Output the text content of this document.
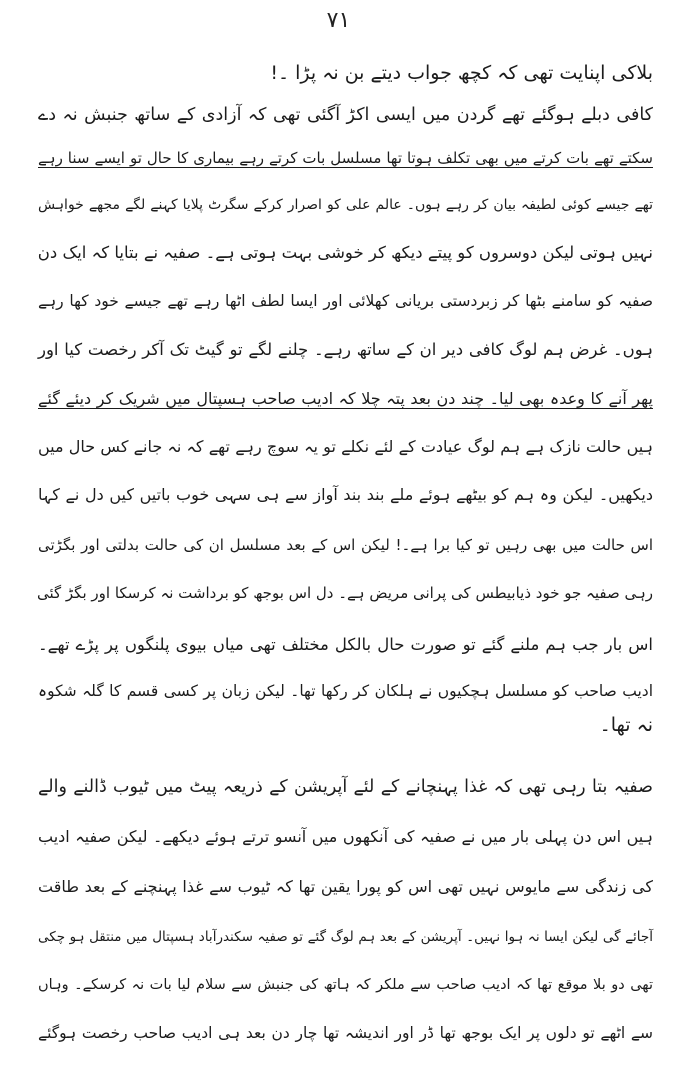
۷۱
بلاکی اپنایت تھی کہ کچھ جواب دیتے بن نہ پڑا ۔!
کافی دبلے ہوگئے تھے گردن میں ایسی اکڑ آگئی تھی کہ آزادی کے ساتھ جنبش نہ دے
سکتے تھے بات کرتے میں بھی تکلف ہوتا تھا مسلسل بات کرتے رہے بیماری کا حال تو ایسے سنا رہے
تھے جیسے کوئی لطیفہ بیان کر رہے ہوں۔ عالم علی کو اصرار کرکے سگرٹ پلایا کہنے لگے مجھے خواہش
نہیں ہوتی لیکن دوسروں کو پیتے دیکھ کر خوشی بہت ہوتی ہے۔ صفیہ نے بتایا کہ ایک دن
صفیہ کو سامنے بٹھا کر زبردستی بریانی کھلائی اور ایسا لطف اٹھا رہے تھے جیسے خود کھا رہے
ہوں۔ غرض ہم لوگ کافی دیر ان کے ساتھ رہے۔ چلنے لگے تو گیٹ تک آکر رخصت کیا اور
پھر آنے کا وعدہ بھی لیا۔ چند دن بعد پتہ چلا کہ ادیب صاحب ہسپتال میں شریک کر دیئے گئے
ہیں حالت نازک ہے ہم لوگ عیادت کے لئے نکلے تو یہ سوچ رہے تھے کہ نہ جانے کس حال میں
دیکھیں۔ لیکن وہ ہم کو بیٹھے ہوئے ملے بند بند آواز سے ہی سہی خوب باتیں کیں دل نے کہا
اس حالت میں بھی رہیں تو کیا برا ہے۔! لیکن اس کے بعد مسلسل ان کی حالت بدلتی اور بگڑتی
رہی صفیہ جو خود ذیابیطس کی پرانی مریض ہے۔ دل اس بوجھ کو برداشت نہ کرسکا اور بگڑ گئی
اس بار جب ہم ملنے گئے تو صورت حال بالکل مختلف تھی میاں بیوی پلنگوں پر پڑے تھے۔
ادیب صاحب کو مسلسل ہچکیوں نے ہلکان کر رکھا تھا۔ لیکن زبان پر کسی قسم کا گلہ شکوہ
نہ تھا۔
صفیہ بتا رہی تھی کہ غذا پہنچانے کے لئے آپریشن کے ذریعہ پیٹ میں ٹیوب ڈالنے والے
ہیں اس دن پہلی بار میں نے صفیہ کی آنکھوں میں آنسو ترتے ہوئے دیکھے۔ لیکن صفیہ ادیب
کی زندگی سے مایوس نہیں تھی اس کو پورا یقین تھا کہ ٹیوب سے غذا پہنچنے کے بعد طاقت
آجائے گی لیکن ایسا نہ ہوا نہیں۔ آپریشن کے بعد ہم لوگ گئے تو صفیہ سکندرآباد ہسپتال میں منتقل ہو چکی
تھی دو بلا موقع تھا کہ ادیب صاحب سے ملکر کہ ہاتھ کی جنبش سے سلام لیا بات نہ کرسکے۔ وہاں
سے اٹھے تو دلوں پر ایک بوجھ تھا ڈر اور اندیشہ تھا چار دن بعد ہی ادیب صاحب رخصت ہوگئے
